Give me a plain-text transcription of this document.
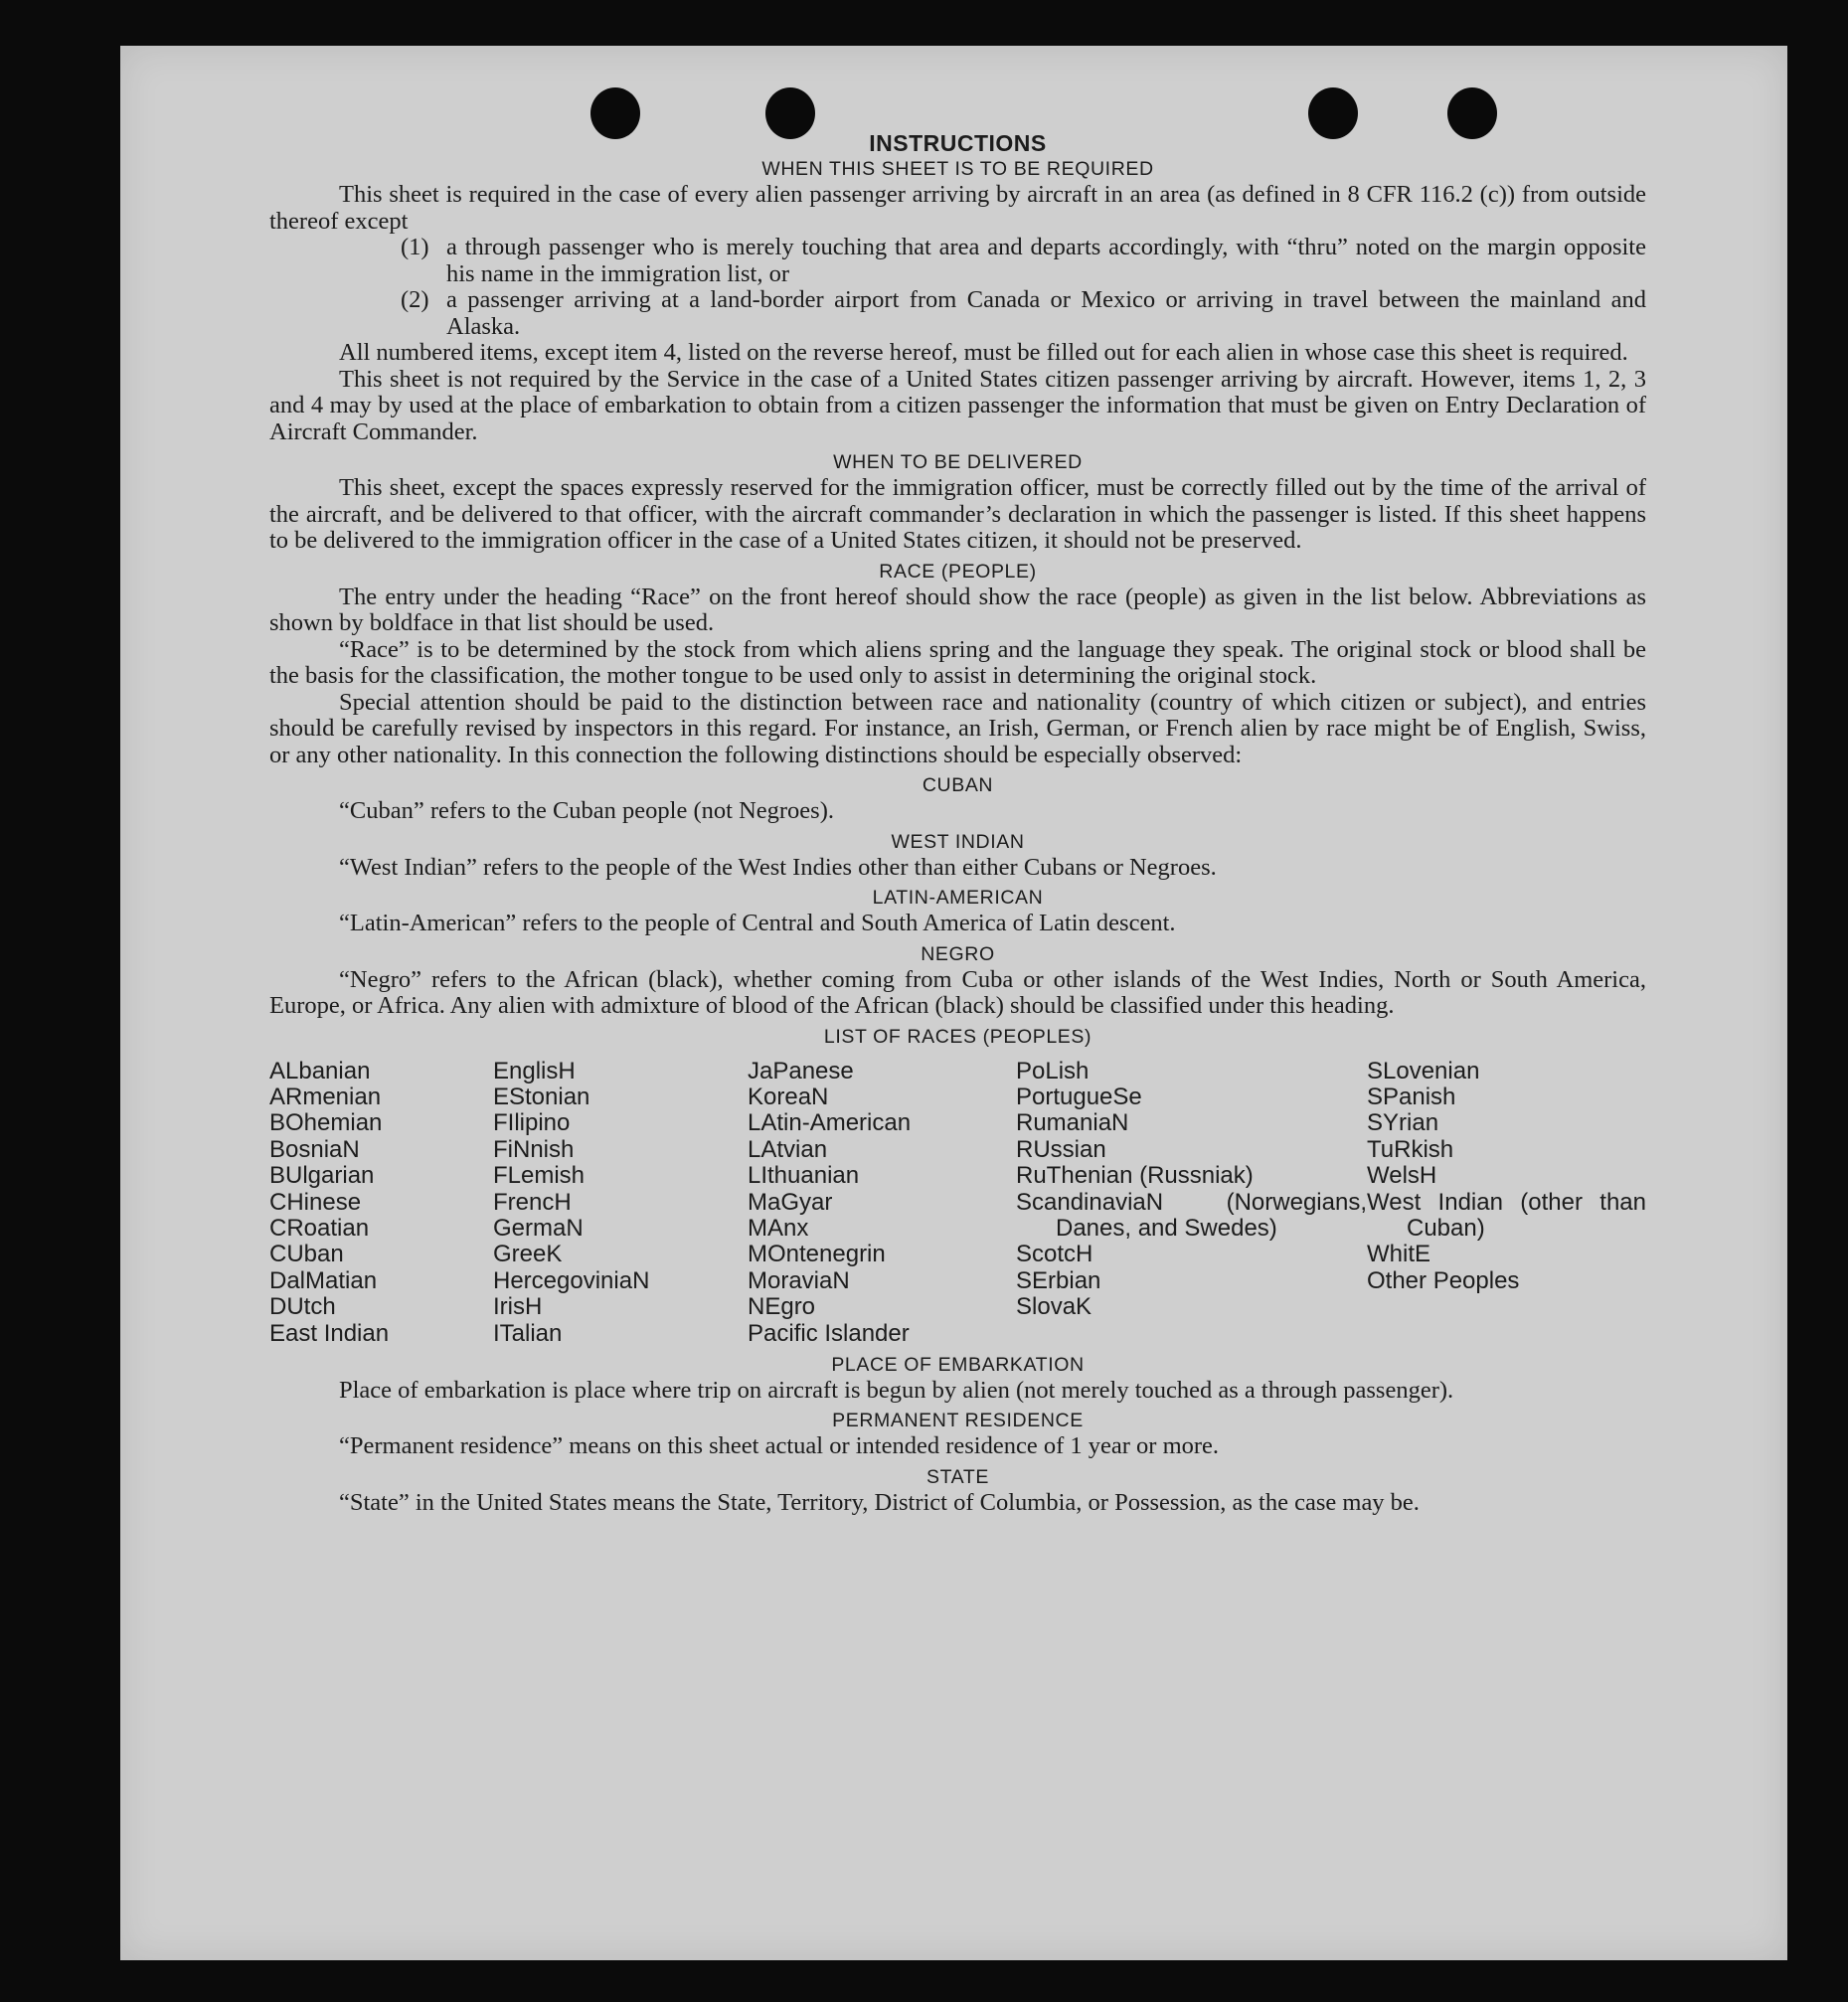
INSTRUCTIONS
WHEN THIS SHEET IS TO BE REQUIRED

This sheet is required in the case of every alien passenger arriving by aircraft in an area (as defined in 8 CFR 116.2 (c)) from outside thereof except

(1) a through passenger who is merely touching that area and departs accordingly, with “thru” noted on the margin opposite his name in the immigration list, or
(2) a passenger arriving at a land-border airport from Canada or Mexico or arriving in travel between the mainland and Alaska.

All numbered items, except item 4, listed on the reverse hereof, must be filled out for each alien in whose case this sheet is required.

This sheet is not required by the Service in the case of a United States citizen passenger arriving by aircraft. However, items 1, 2, 3 and 4 may by used at the place of embarkation to obtain from a citizen passenger the information that must be given on Entry Declaration of Aircraft Commander.

WHEN TO BE DELIVERED

This sheet, except the spaces expressly reserved for the immigration officer, must be correctly filled out by the time of the arrival of the aircraft, and be delivered to that officer, with the aircraft commander’s declaration in which the passenger is listed. If this sheet happens to be delivered to the immigration officer in the case of a United States citizen, it should not be preserved.

RACE (PEOPLE)

The entry under the heading “Race” on the front hereof should show the race (people) as given in the list below. Abbreviations as shown by boldface in that list should be used.

“Race” is to be determined by the stock from which aliens spring and the language they speak. The original stock or blood shall be the basis for the classification, the mother tongue to be used only to assist in determining the original stock.

Special attention should be paid to the distinction between race and nationality (country of which citizen or subject), and entries should be carefully revised by inspectors in this regard. For instance, an Irish, German, or French alien by race might be of English, Swiss, or any other nationality. In this connection the following distinctions should be especially observed:

CUBAN

“Cuban” refers to the Cuban people (not Negroes).

WEST INDIAN

“West Indian” refers to the people of the West Indies other than either Cubans or Negroes.

LATIN-AMERICAN

“Latin-American” refers to the people of Central and South America of Latin descent.

NEGRO

“Negro” refers to the African (black), whether coming from Cuba or other islands of the West Indies, North or South America, Europe, or Africa. Any alien with admixture of blood of the African (black) should be classified under this heading.

LIST OF RACES (PEOPLES)
ALbanian
ARmenian
BOhemian
BosniaN
BUlgarian
CHinese
CRoatian
CUban
DalMatian
DUtch
East Indian
EnglisH
EStonian
FIlipino
FiNnish
FLemish
FrencH
GermaN
GreeK
HercegoviniaN
IrisH
ITalian
JaPanese
KoreaN
LAtin-American
LAtvian
LIthuanian
MaGyar
MAnx
MOntenegrin
MoraviaN
NEgro
Pacific Islander
PoLish
PortugueSe
RumaniaN
RUssian
RuThenian (Russniak)
ScandinaviaN (Norwegians, Danes, and Swedes)
ScotcH
SErbian
SlovaK
SLovenian
SPanish
SYrian
TuRkish
WelsH
West Indian (other than Cuban)
WhitE
Other Peoples
PLACE OF EMBARKATION

Place of embarkation is place where trip on aircraft is begun by alien (not merely touched as a through passenger).

PERMANENT RESIDENCE

“Permanent residence” means on this sheet actual or intended residence of 1 year or more.

STATE

“State” in the United States means the State, Territory, District of Columbia, or Possession, as the case may be.
